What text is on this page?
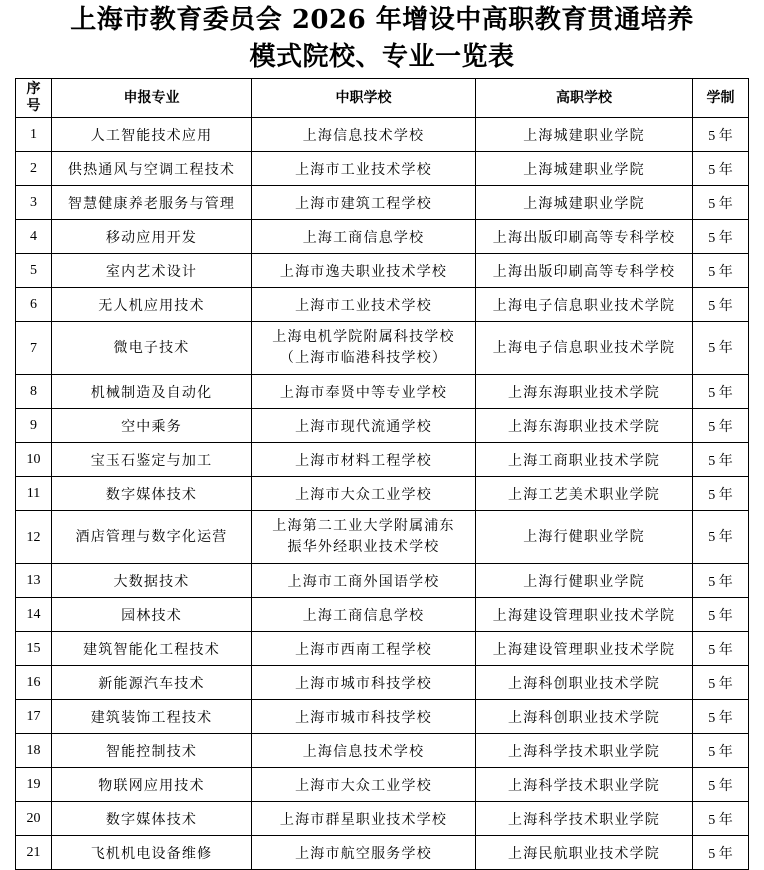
上海市教育委员会 2026 年增设中高职教育贯通培养
模式院校、专业一览表
序
号	申报专业	中职学校	高职学校	学制
1	人工智能技术应用	上海信息技术学校	上海城建职业学院	5 年
2	供热通风与空调工程技术	上海市工业技术学校	上海城建职业学院	5 年
3	智慧健康养老服务与管理	上海市建筑工程学校	上海城建职业学院	5 年
4	移动应用开发	上海工商信息学校	上海出版印刷高等专科学校	5 年
5	室内艺术设计	上海市逸夫职业技术学校	上海出版印刷高等专科学校	5 年
6	无人机应用技术	上海市工业技术学校	上海电子信息职业技术学院	5 年
7	微电子技术	上海电机学院附属科技学校
（上海市临港科技学校）	上海电子信息职业技术学院	5 年
8	机械制造及自动化	上海市奉贤中等专业学校	上海东海职业技术学院	5 年
9	空中乘务	上海市现代流通学校	上海东海职业技术学院	5 年
10	宝玉石鉴定与加工	上海市材料工程学校	上海工商职业技术学院	5 年
11	数字媒体技术	上海市大众工业学校	上海工艺美术职业学院	5 年
12	酒店管理与数字化运营	上海第二工业大学附属浦东
振华外经职业技术学校	上海行健职业学院	5 年
13	大数据技术	上海市工商外国语学校	上海行健职业学院	5 年
14	园林技术	上海工商信息学校	上海建设管理职业技术学院	5 年
15	建筑智能化工程技术	上海市西南工程学校	上海建设管理职业技术学院	5 年
16	新能源汽车技术	上海市城市科技学校	上海科创职业技术学院	5 年
17	建筑装饰工程技术	上海市城市科技学校	上海科创职业技术学院	5 年
18	智能控制技术	上海信息技术学校	上海科学技术职业学院	5 年
19	物联网应用技术	上海市大众工业学校	上海科学技术职业学院	5 年
20	数字媒体技术	上海市群星职业技术学校	上海科学技术职业学院	5 年
21	飞机机电设备维修	上海市航空服务学校	上海民航职业技术学院	5 年
